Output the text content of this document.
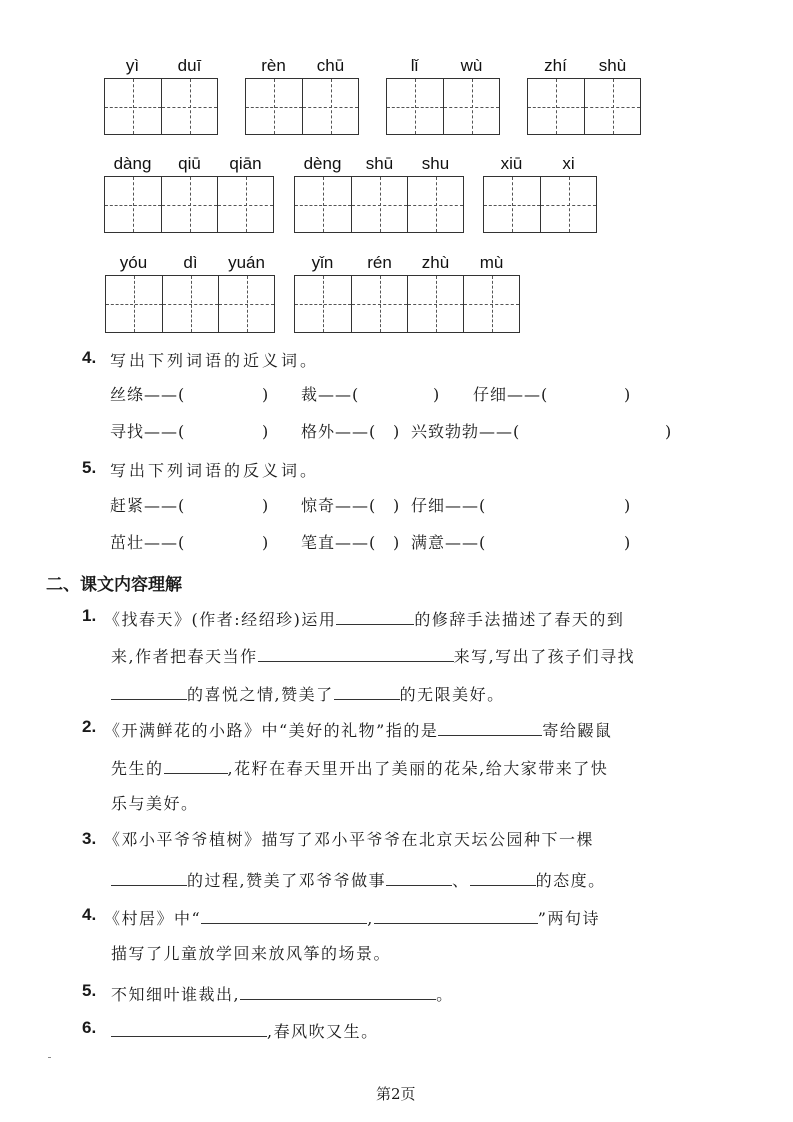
yì	duī	rèn	chū	lǐ	wù	zhí	shù
dàng	qiū	qiān	dèng	shū	shu	xiū	xi
yóu	dì	yuán	yǐn	rén	zhù	mù
4. 写出下列词语的近义词。
丝绦——(	) 裁——(	) 仔细——(	)
寻找——(	) 格外——( ) 兴致勃勃——(	)
5. 写出下列词语的反义词。
赶紧——(	) 惊奇——( ) 仔细——(	)
茁壮——(	) 笔直——( ) 满意——(	)
二、课文内容理解
1. 《找春天》(作者:经绍珍)运用	的修辞手法描述了春天的到
来,作者把春天当作	来写,写出了孩子们寻找
的喜悦之情,赞美了	的无限美好。
2. 《开满鲜花的小路》中“美好的礼物”指的是	寄给鼹鼠
先生的	,花籽在春天里开出了美丽的花朵,给大家带来了快
乐与美好。
3. 《邓小平爷爷植树》描写了邓小平爷爷在北京天坛公园种下一棵
的过程,赞美了邓爷爷做事	、	的态度。
4. 《村居》中“	,	”两句诗
描写了儿童放学回来放风筝的场景。
5. 不知细叶谁裁出,	。
6.	,春风吹又生。
第2页
